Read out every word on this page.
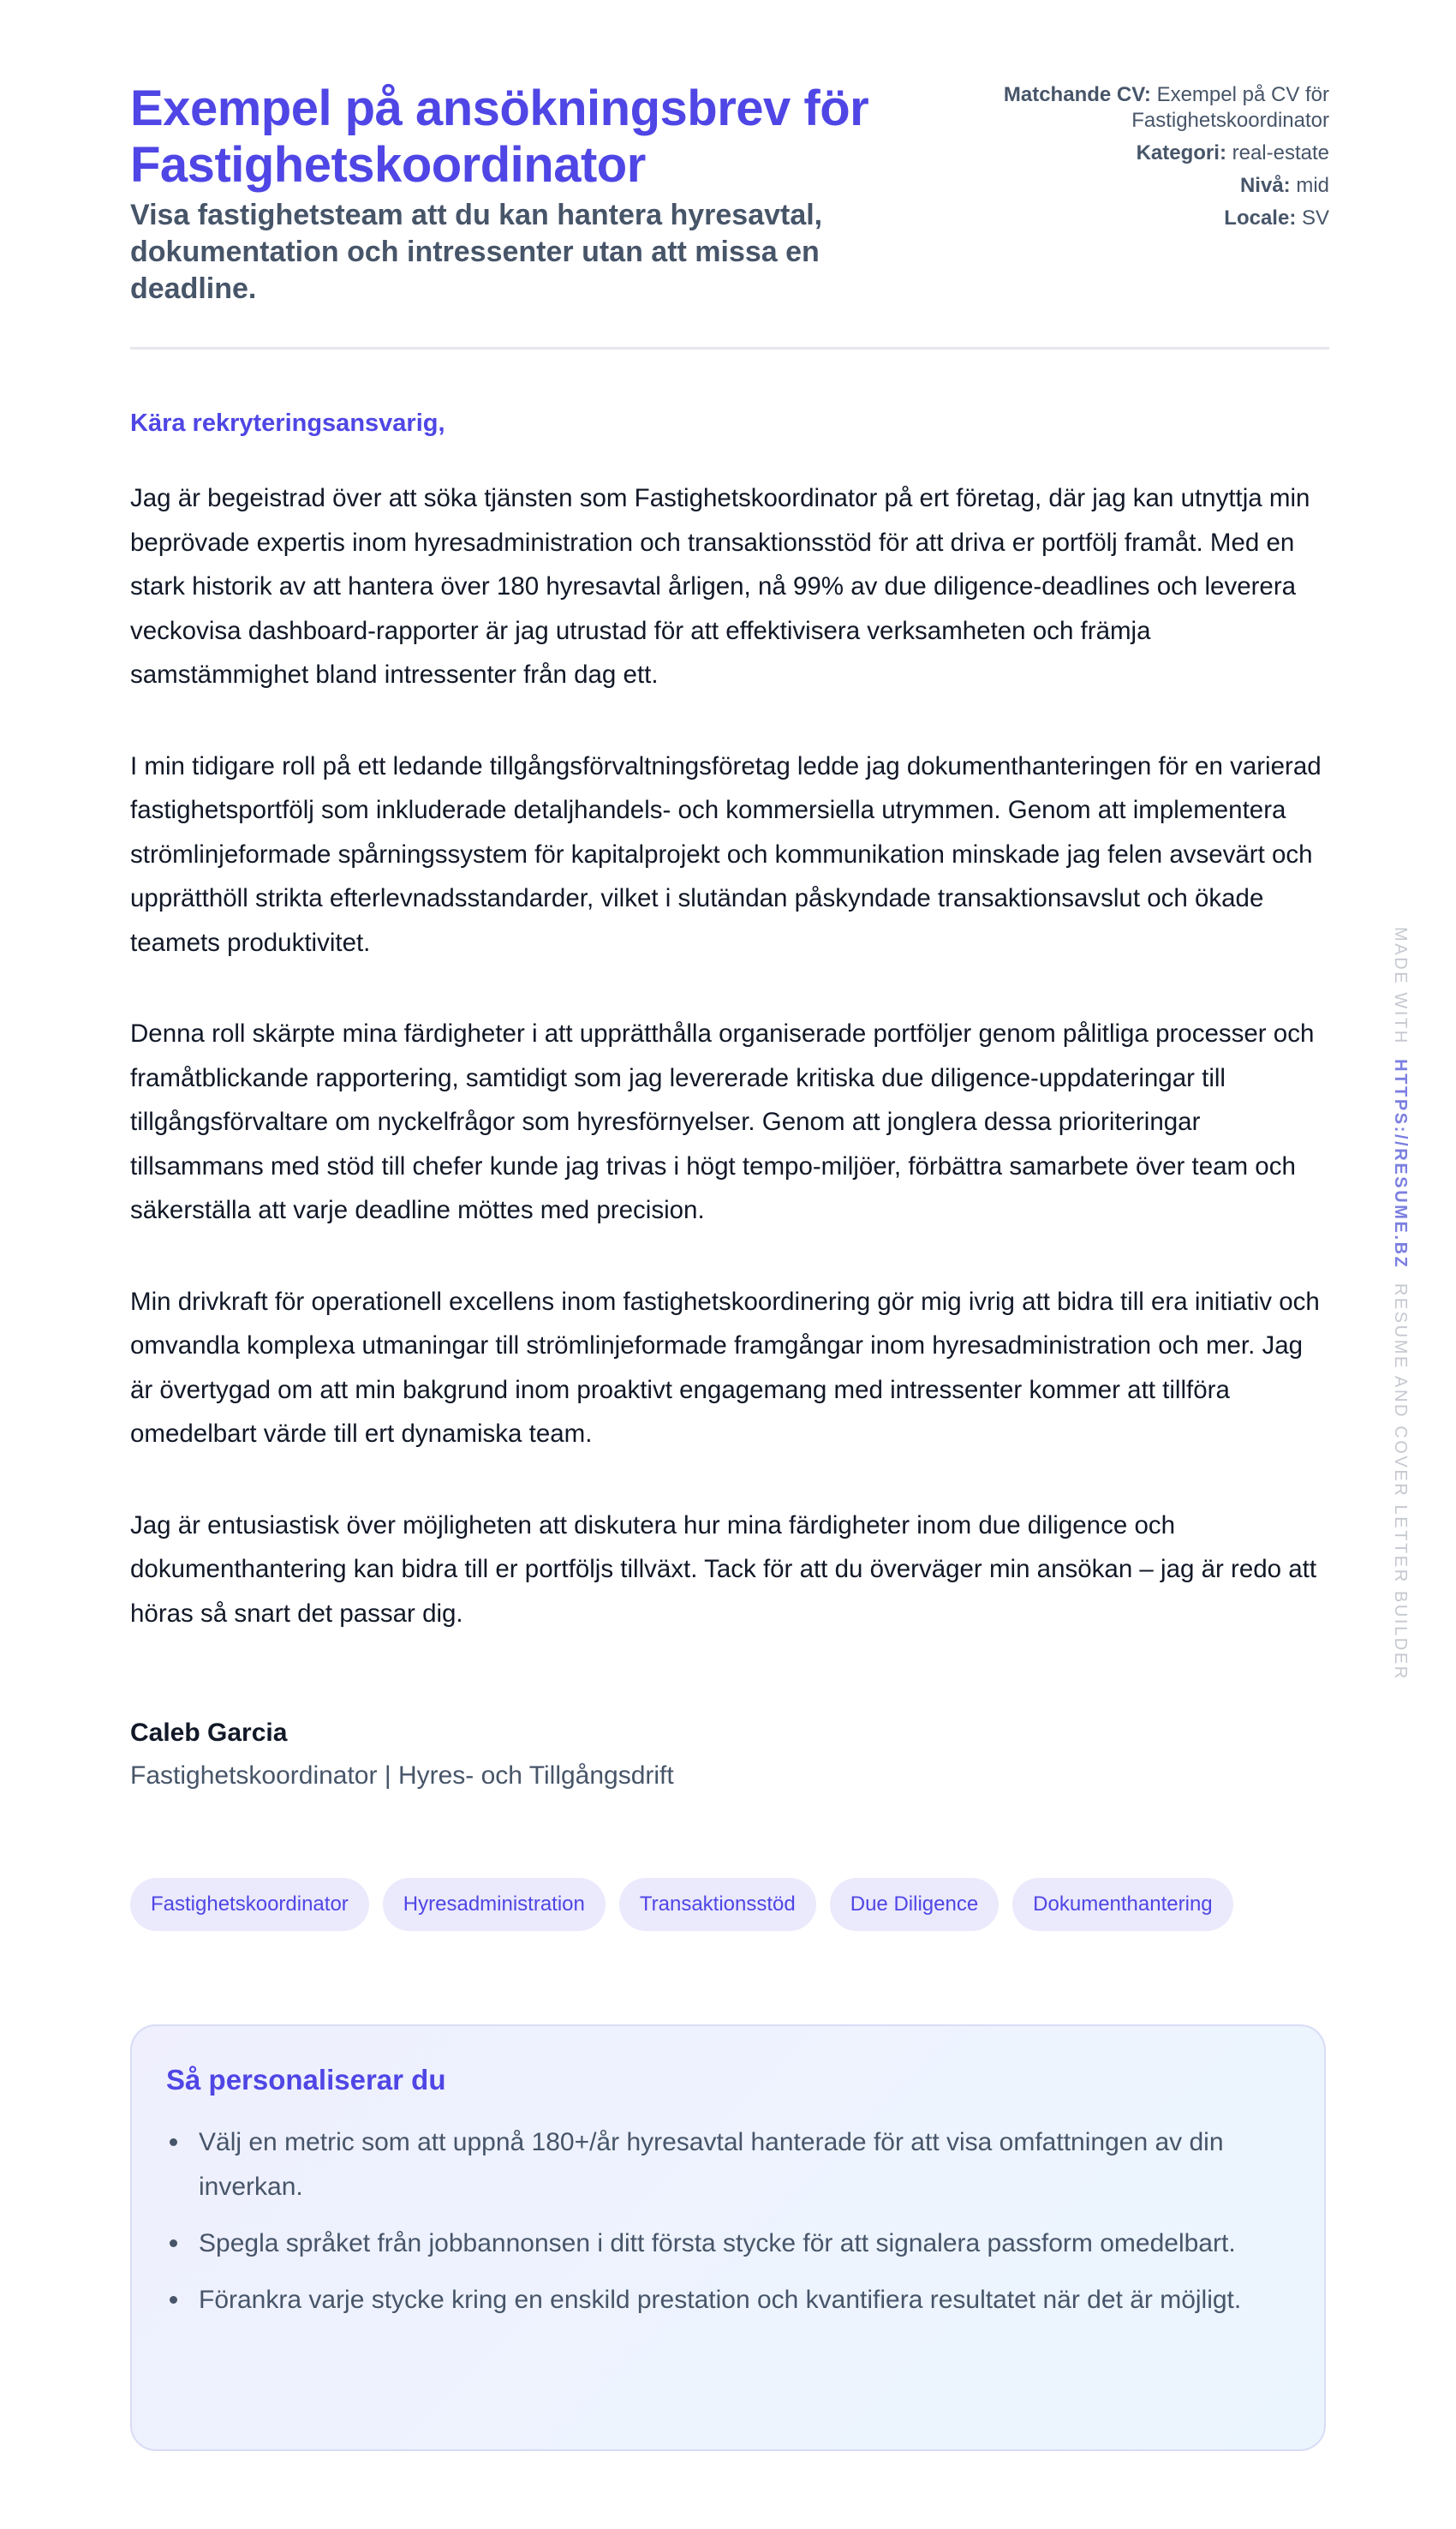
Exempel på ansökningsbrev för Fastighetskoordinator
Visa fastighetsteam att du kan hantera hyresavtal, dokumentation och intressenter utan att missa en deadline.
Matchande CV: Exempel på CV för Fastighetskoordinator
Kategori: real-estate
Nivå: mid
Locale: SV

Kära rekryteringsansvarig,

Jag är begeistrad över att söka tjänsten som Fastighetskoordinator på ert företag, där jag kan utnyttja min beprövade expertis inom hyresadministration och transaktionsstöd för att driva er portfölj framåt. Med en stark historik av att hantera över 180 hyresavtal årligen, nå 99% av due diligence-deadlines och leverera veckovisa dashboard-rapporter är jag utrustad för att effektivisera verksamheten och främja samstämmighet bland intressenter från dag ett.

I min tidigare roll på ett ledande tillgångsförvaltningsföretag ledde jag dokumenthanteringen för en varierad fastighetsportfölj som inkluderade detaljhandels- och kommersiella utrymmen. Genom att implementera strömlinjeformade spårningssystem för kapitalprojekt och kommunikation minskade jag felen avsevärt och upprätthöll strikta efterlevnadsstandarder, vilket i slutändan påskyndade transaktionsavslut och ökade teamets produktivitet.

Denna roll skärpte mina färdigheter i att upprätthålla organiserade portföljer genom pålitliga processer och framåtblickande rapportering, samtidigt som jag levererade kritiska due diligence-uppdateringar till tillgångsförvaltare om nyckelfrågor som hyresförnyelser. Genom att jonglera dessa prioriteringar tillsammans med stöd till chefer kunde jag trivas i högt tempo-miljöer, förbättra samarbete över team och säkerställa att varje deadline möttes med precision.

Min drivkraft för operationell excellens inom fastighetskoordinering gör mig ivrig att bidra till era initiativ och omvandla komplexa utmaningar till strömlinjeformade framgångar inom hyresadministration och mer. Jag är övertygad om att min bakgrund inom proaktivt engagemang med intressenter kommer att tillföra omedelbart värde till ert dynamiska team.

Jag är entusiastisk över möjligheten att diskutera hur mina färdigheter inom due diligence och dokumenthantering kan bidra till er portföljs tillväxt. Tack för att du överväger min ansökan – jag är redo att höras så snart det passar dig.

Caleb Garcia

Fastighetskoordinator | Hyres- och Tillgångsdrift

Fastighetskoordinator	Hyresadministration	Transaktionsstöd	Due Diligence	Dokumenthantering
Så personaliserar du
Välj en metric som att uppnå 180+/år hyresavtal hanterade för att visa omfattningen av din inverkan.
Spegla språket från jobbannonsen i ditt första stycke för att signalera passform omedelbart.
Förankra varje stycke kring en enskild prestation och kvantifiera resultatet när det är möjligt.
MADE WITH  HTTPS://RESUME.BZ  RESUME AND COVER LETTER BUILDER
